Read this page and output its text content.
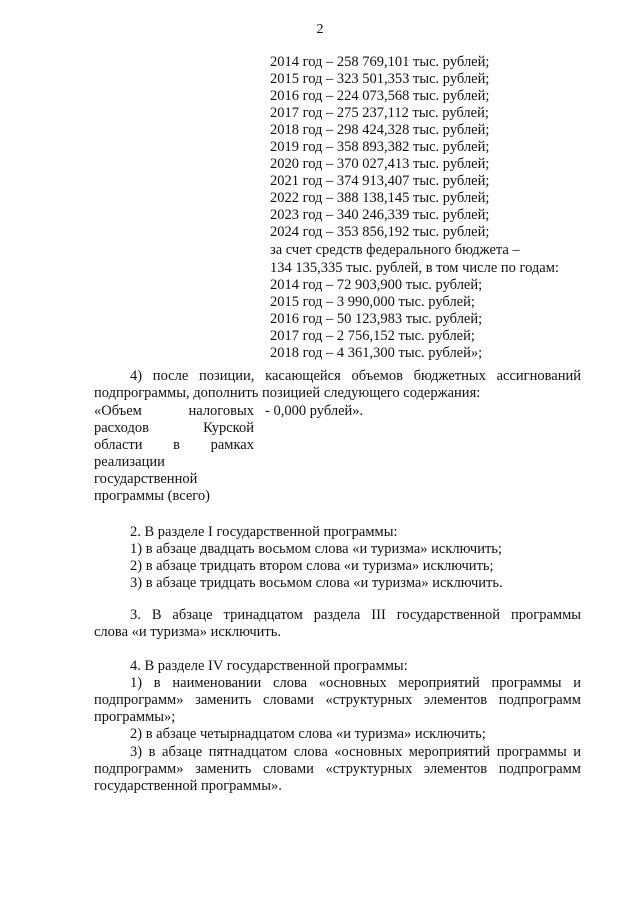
2
2014 год – 258 769,101 тыс. рублей;
2015 год – 323 501,353 тыс. рублей;
2016 год – 224 073,568 тыс. рублей;
2017 год – 275 237,112 тыс. рублей;
2018 год – 298 424,328 тыс. рублей;
2019 год – 358 893,382 тыс. рублей;
2020 год – 370 027,413 тыс. рублей;
2021 год – 374 913,407 тыс. рублей;
2022 год – 388 138,145 тыс. рублей;
2023 год – 340 246,339 тыс. рублей;
2024 год – 353 856,192 тыс. рублей;
за счет средств федерального бюджета –
134 135,335 тыс. рублей, в том числе по годам:
2014 год – 72 903,900 тыс. рублей;
2015 год – 3 990,000 тыс. рублей;
2016 год – 50 123,983 тыс. рублей;
2017 год – 2 756,152 тыс. рублей;
2018 год – 4 361,300 тыс. рублей»;
4) после позиции, касающейся объемов бюджетных ассигнований
подпрограммы, дополнить позицией следующего содержания:
«Объем налоговых
расходов Курской
области в рамках
реализации
государственной
программы (всего)
- 0,000 рублей».
2. В разделе I государственной программы:
1) в абзаце двадцать восьмом слова «и туризма» исключить;
2) в абзаце тридцать втором слова «и туризма» исключить;
3) в абзаце тридцать восьмом слова «и туризма» исключить.
3. В абзаце тринадцатом раздела III государственной программы
слова «и туризма» исключить.
4. В разделе IV государственной программы:
1) в наименовании слова «основных мероприятий программы и
подпрограмм» заменить словами «структурных элементов подпрограмм
программы»;
2) в абзаце четырнадцатом слова «и туризма» исключить;
3) в абзаце пятнадцатом слова «основных мероприятий программы и
подпрограмм» заменить словами «структурных элементов подпрограмм
государственной программы».
